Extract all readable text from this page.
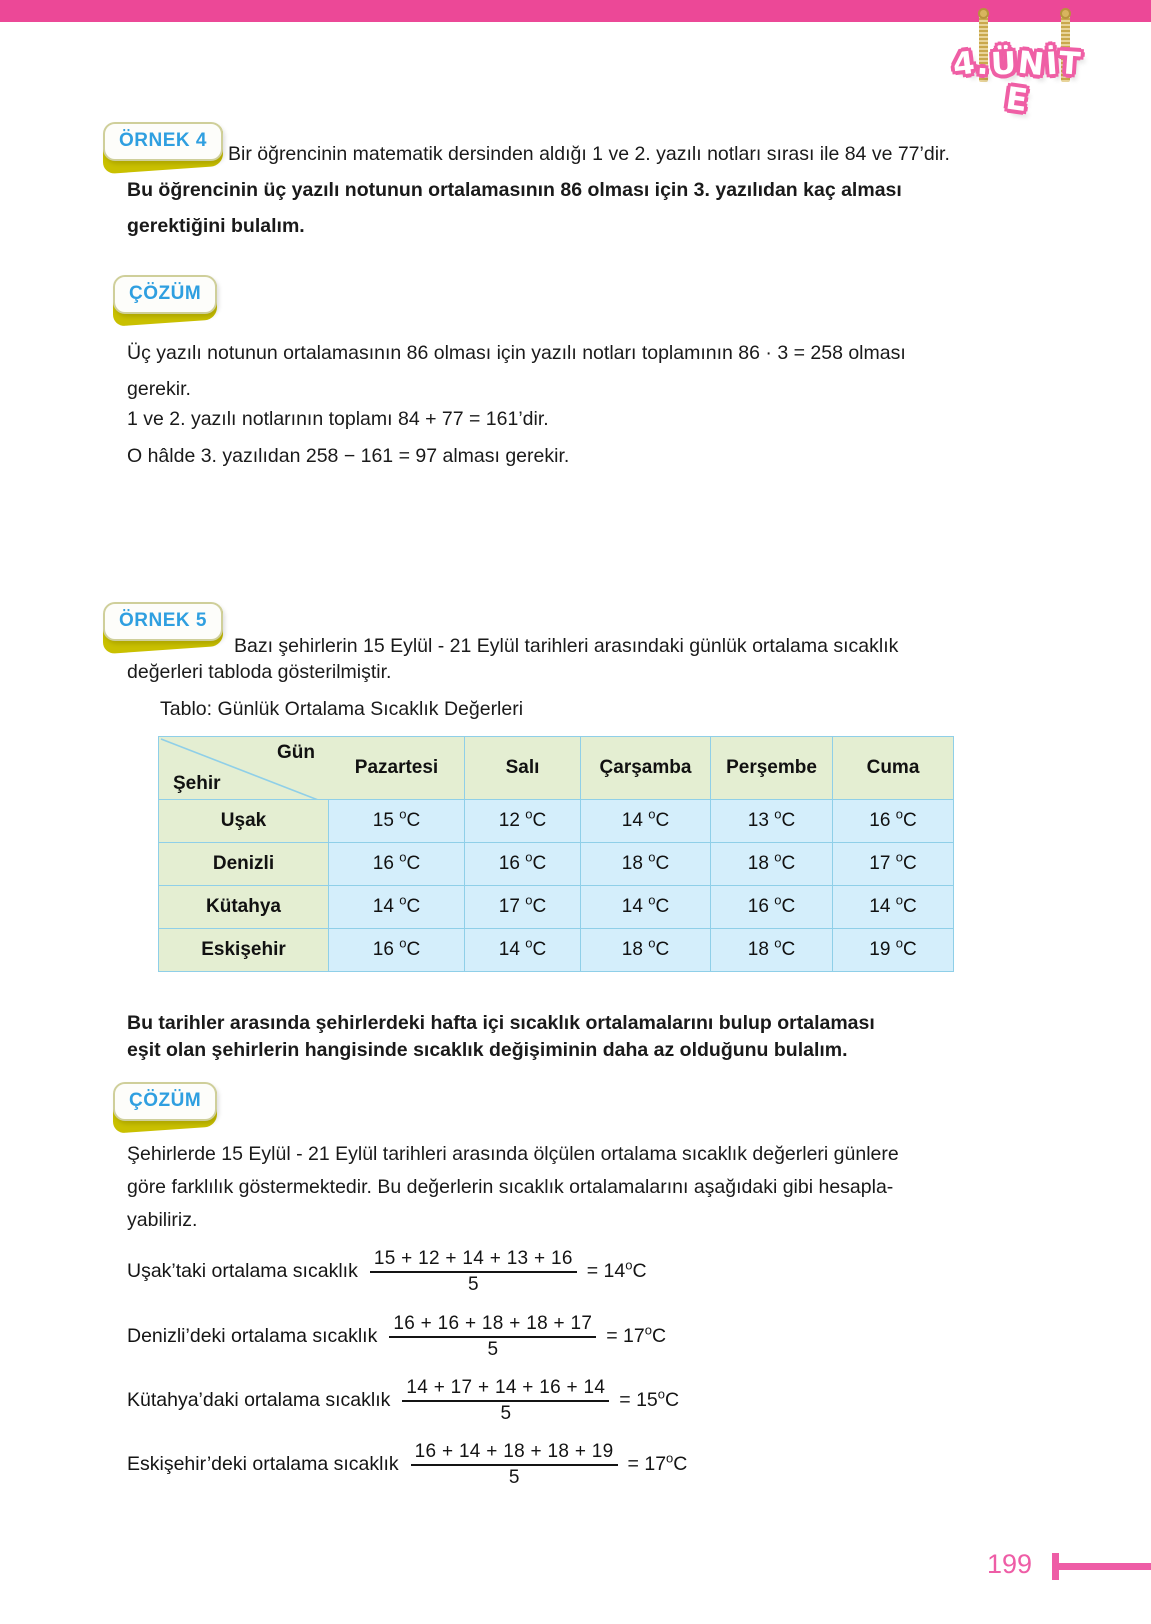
4.ÜNİTE
ÖRNEK 4
Bir öğrencinin matematik dersinden aldığı 1 ve 2. yazılı notları sırası ile 84 ve 77’dir.
Bu öğrencinin üç yazılı notunun ortalamasının 86 olması için 3. yazılıdan kaç alması
gerektiğini bulalım.
ÇÖZÜM
Üç yazılı notunun ortalamasının 86 olması için yazılı notları toplamının 86 · 3 = 258 olması
gerekir.
1 ve 2. yazılı notlarının toplamı 84 + 77 = 161’dir.
O hâlde 3. yazılıdan 258 − 161 = 97 alması gerekir.
ÖRNEK 5
Bazı şehirlerin 15 Eylül - 21 Eylül tarihleri arasındaki günlük ortalama sıcaklık
değerleri tabloda gösterilmiştir.
Tablo: Günlük Ortalama Sıcaklık Değerleri
Gün
Şehir	Pazartesi	Salı	Çarşamba	Perşembe	Cuma
Uşak	15 $^o$C	12 $^o$C	14 $^o$C	13 $^o$C	16 $^o$C
Denizli	16 $^o$C	16 $^o$C	18 $^o$C	18 $^o$C	17 $^o$C
Kütahya	14 $^o$C	17 $^o$C	14 $^o$C	16 $^o$C	14 $^o$C
Eskişehir	16 $^o$C	14 $^o$C	18 $^o$C	18 $^o$C	19 $^o$C
Bu tarihler arasında şehirlerdeki hafta içi sıcaklık ortalamalarını bulup ortalaması
eşit olan şehirlerin hangisinde sıcaklık değişiminin daha az olduğunu bulalım.
ÇÖZÜM
Şehirlerde 15 Eylül - 21 Eylül tarihleri arasında ölçülen ortalama sıcaklık değerleri günlere
göre farklılık göstermektedir. Bu değerlerin sıcaklık ortalamalarını aşağıdaki gibi hesapla-
yabiliriz.
Uşak’taki ortalama sıcaklık $\frac{15 + 12 + 14 + 13 + 16}{5} = 14^oC$
Denizli’deki ortalama sıcaklık $\frac{16 + 16 + 18 + 18 + 17}{5} = 17^oC$
Kütahya’daki ortalama sıcaklık $\frac{14 + 17 + 14 + 16 + 14}{5} = 15^oC$
Eskişehir’deki ortalama sıcaklık $\frac{16 + 14 + 18 + 18 + 19}{5} = 17^oC$
199
